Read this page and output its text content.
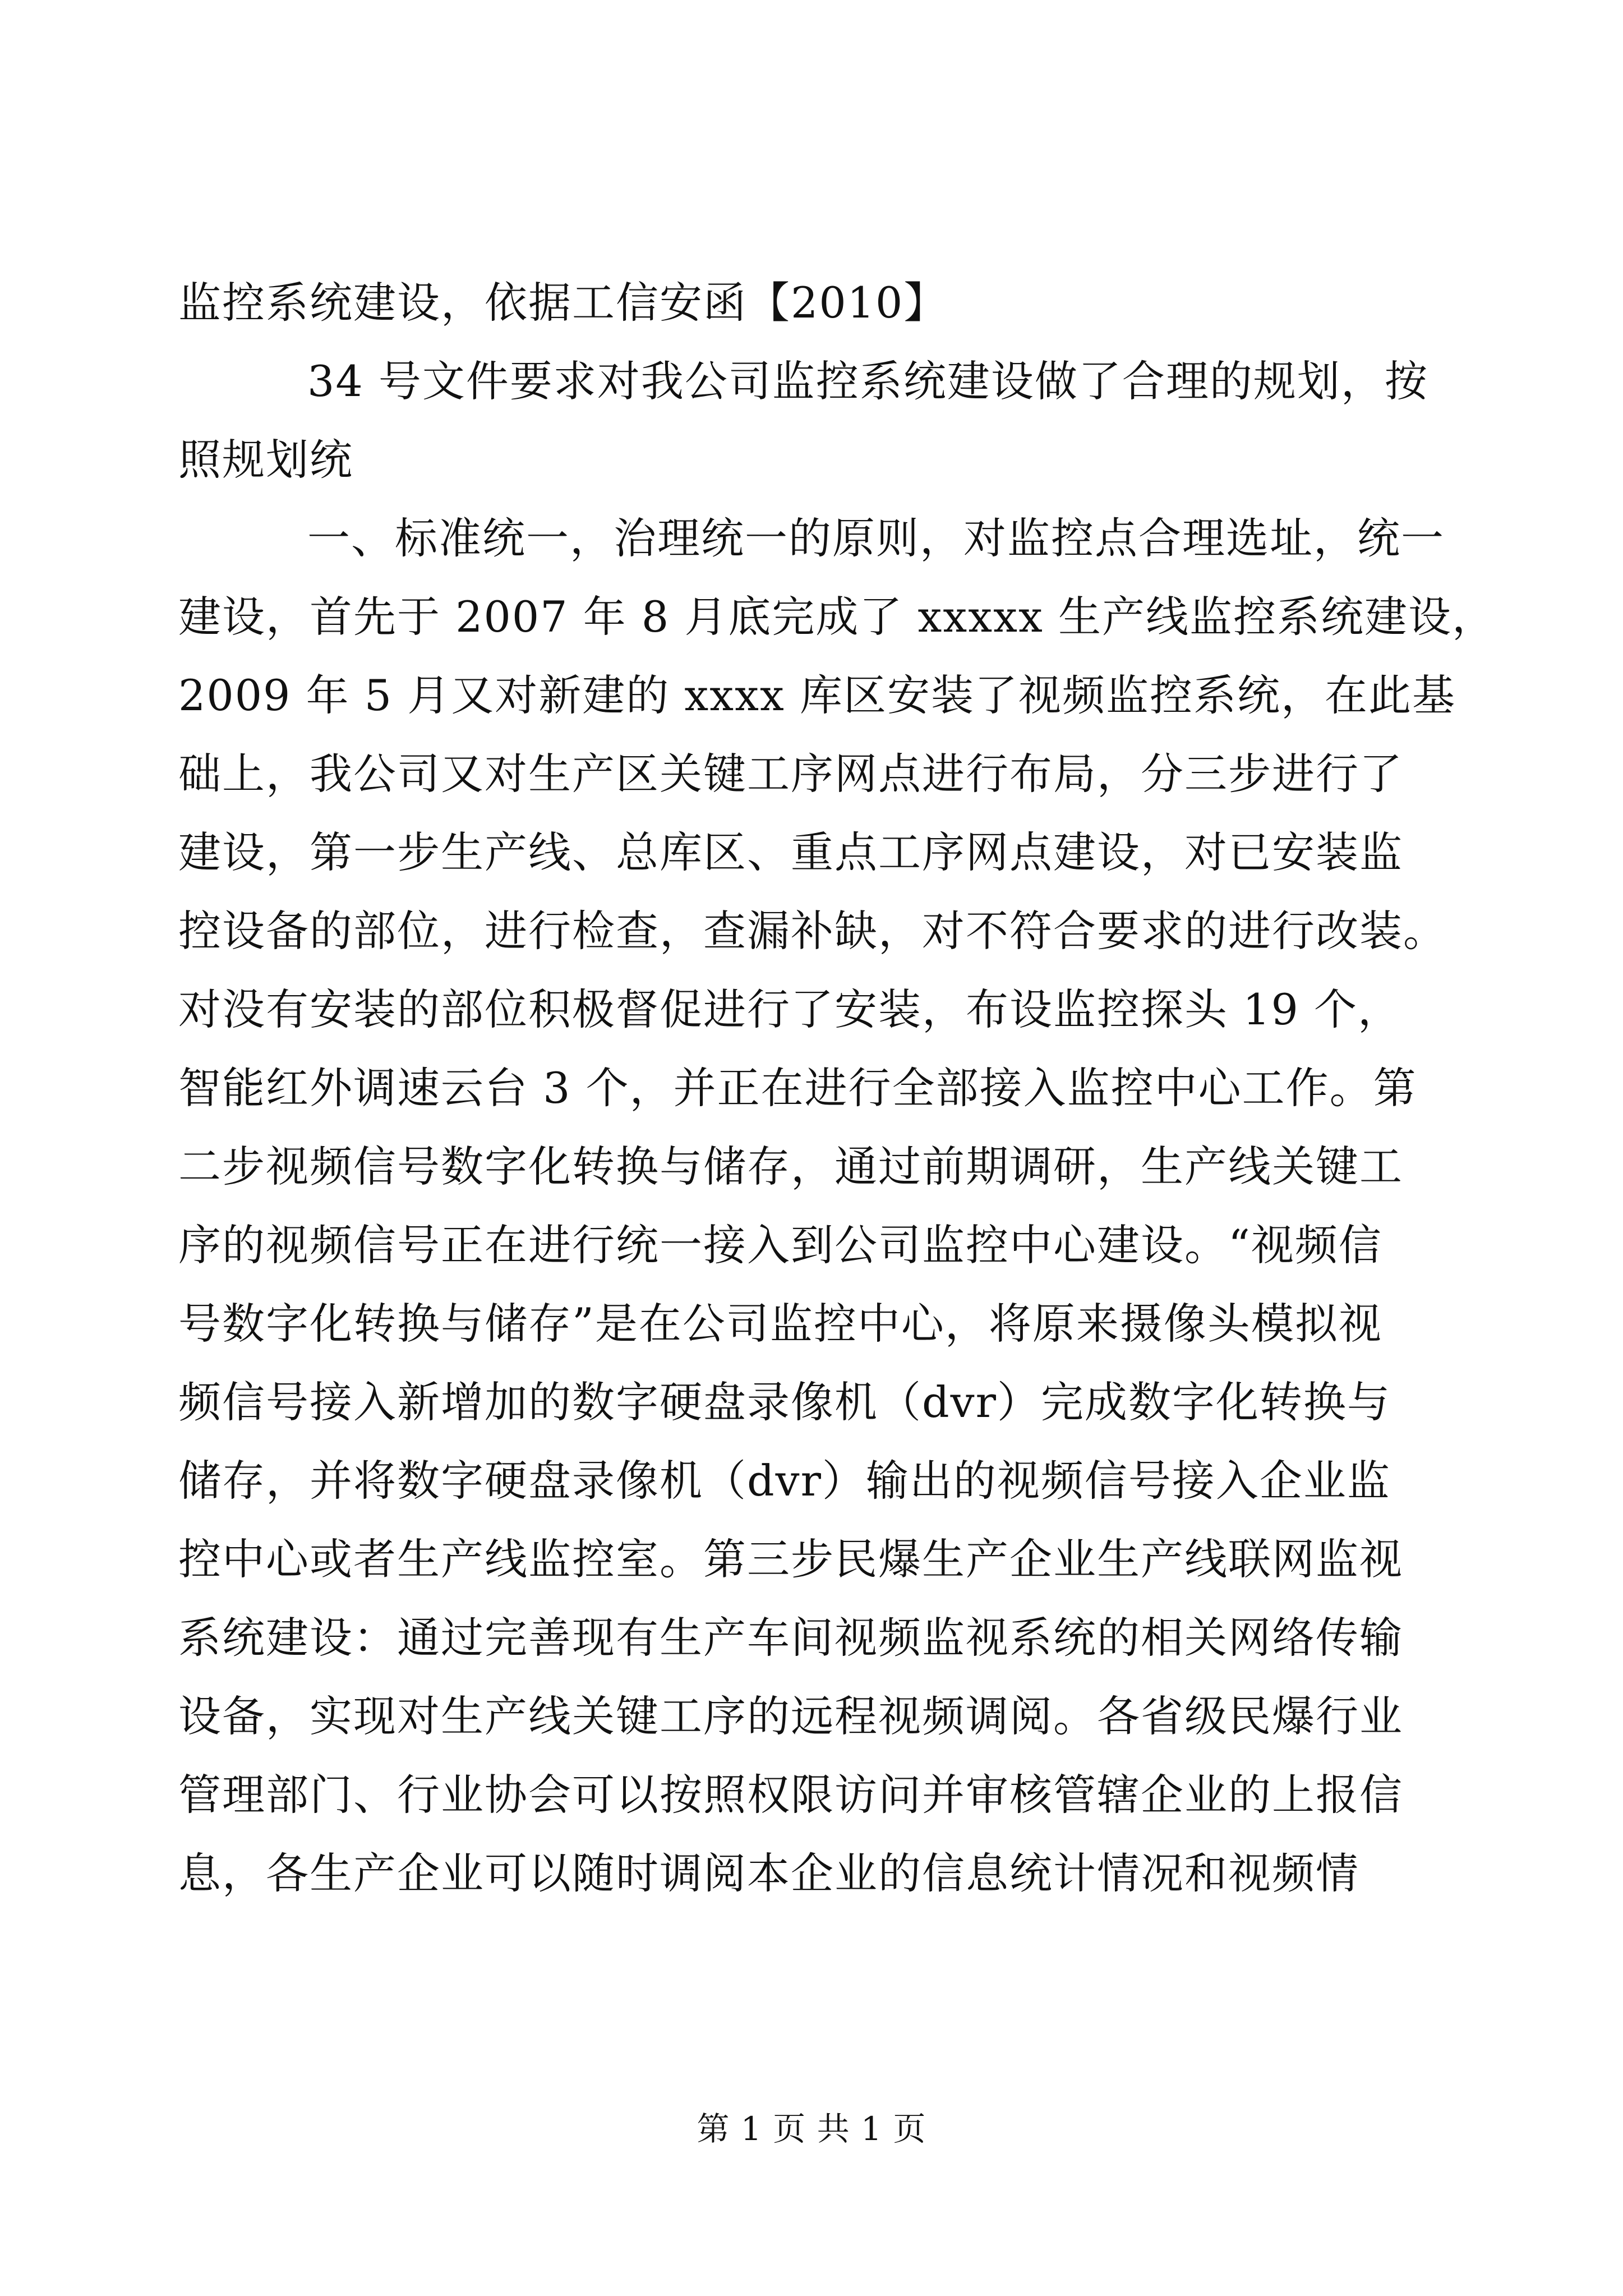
监控系统建设，依据工信安函【2010】
34 号文件要求对我公司监控系统建设做了合理的规划，按
照规划统
一、标准统一，治理统一的原则，对监控点合理选址，统一
建设，首先于 2007 年 8 月底完成了 xxxxx 生产线监控系统建设，
2009 年 5 月又对新建的 xxxx 库区安装了视频监控系统，在此基
础上，我公司又对生产区关键工序网点进行布局，分三步进行了
建设，第一步生产线、总库区、重点工序网点建设，对已安装监
控设备的部位，进行检查，查漏补缺，对不符合要求的进行改装。
对没有安装的部位积极督促进行了安装，布设监控探头 19 个，
智能红外调速云台 3 个，并正在进行全部接入监控中心工作。第
二步视频信号数字化转换与储存，通过前期调研，生产线关键工
序的视频信号正在进行统一接入到公司监控中心建设。“视频信
号数字化转换与储存”是在公司监控中心，将原来摄像头模拟视
频信号接入新增加的数字硬盘录像机（dvr）完成数字化转换与
储存，并将数字硬盘录像机（dvr）输出的视频信号接入企业监
控中心或者生产线监控室。第三步民爆生产企业生产线联网监视
系统建设：通过完善现有生产车间视频监视系统的相关网络传输
设备，实现对生产线关键工序的远程视频调阅。各省级民爆行业
管理部门、行业协会可以按照权限访问并审核管辖企业的上报信
息，各生产企业可以随时调阅本企业的信息统计情况和视频情
第 1 页 共 1 页
